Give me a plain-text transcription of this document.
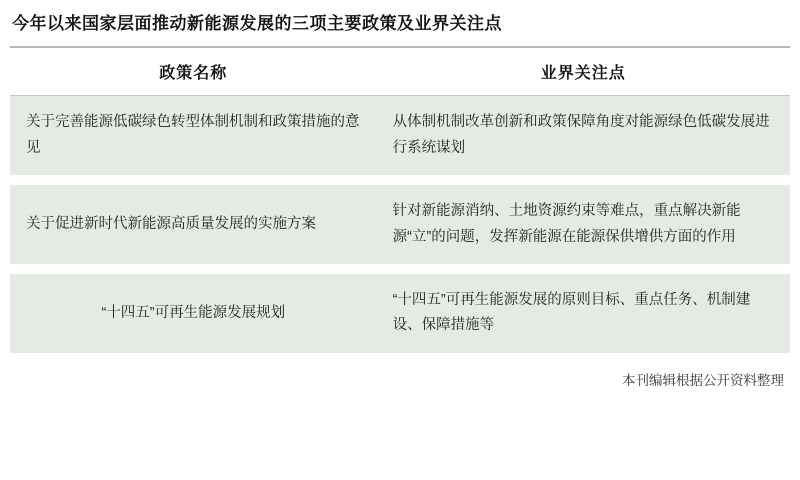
今年以来国家层面推动新能源发展的三项主要政策及业界关注点
政策名称	业界关注点
关于完善能源低碳绿色转型体制机制和政策措施的意见	从体制机制改革创新和政策保障角度对能源绿色低碳发展进行系统谋划

关于促进新时代新能源高质量发展的实施方案	针对新能源消纳、土地资源约束等难点，重点解决新能源“立”的问题，发挥新能源在能源保供增供方面的作用

“十四五”可再生能源发展规划	“十四五”可再生能源发展的原则目标、重点任务、机制建设、保障措施等
本刊编辑根据公开资料整理
